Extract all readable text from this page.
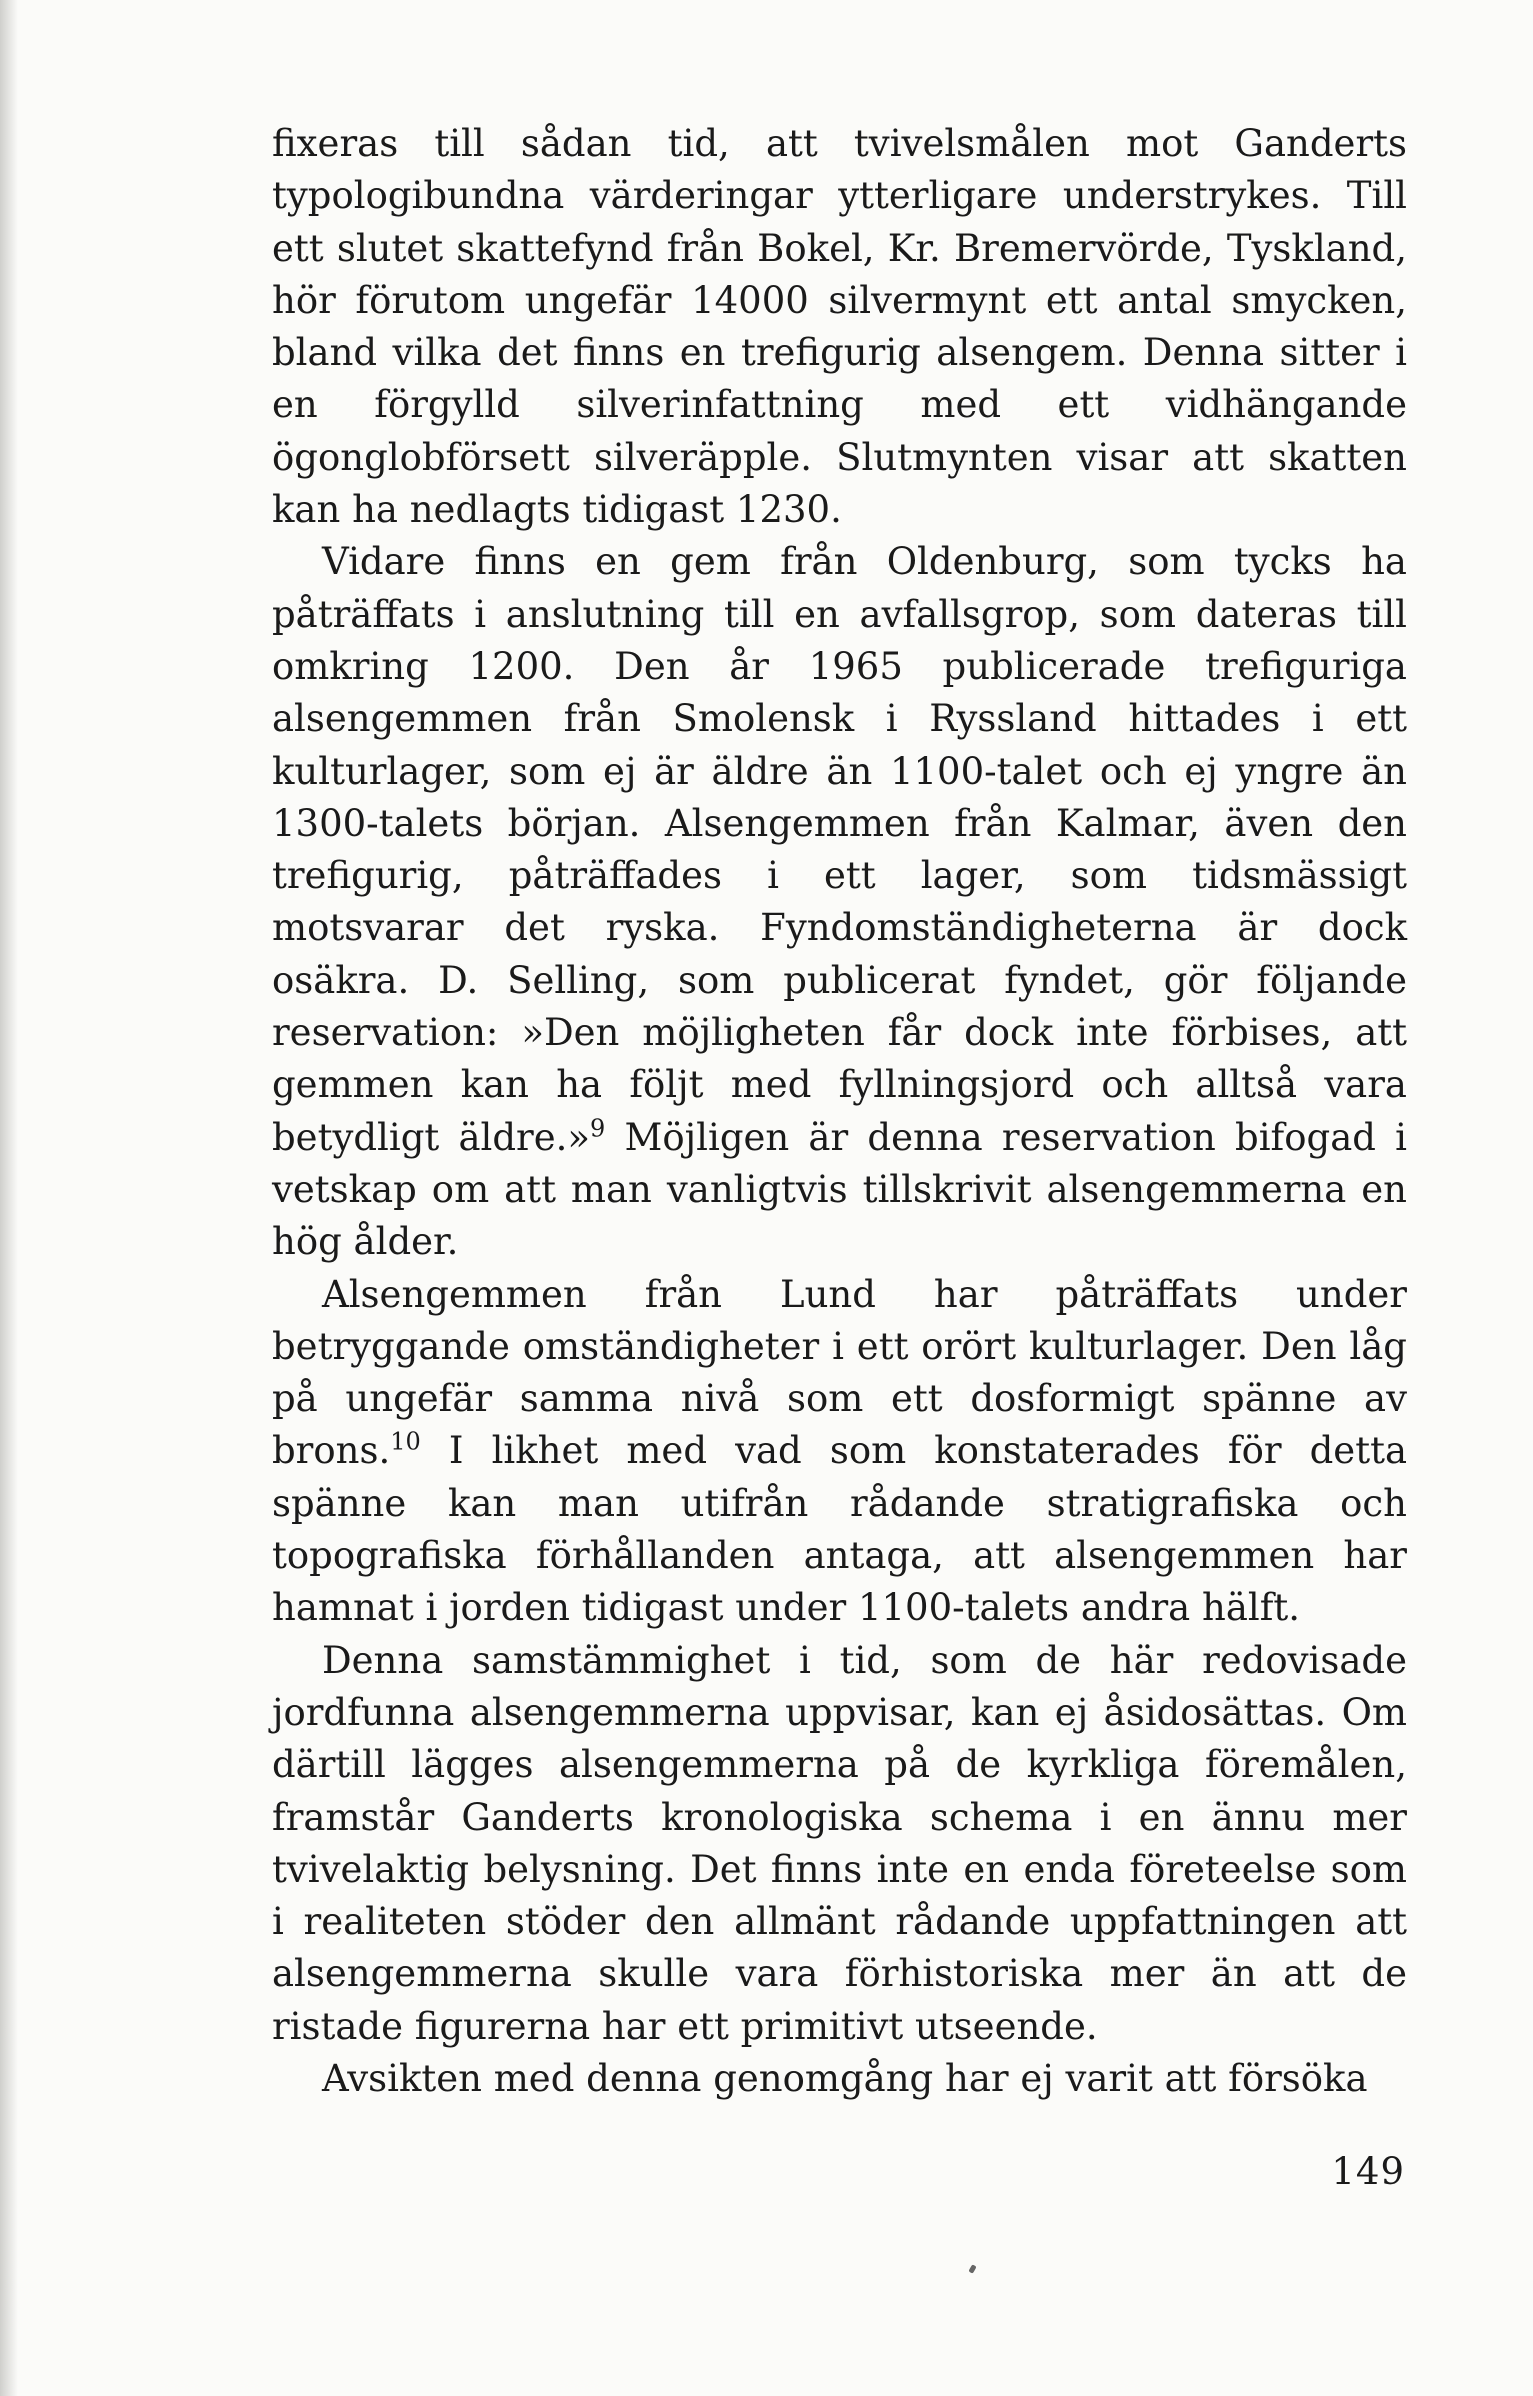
fixeras till sådan tid, att tvivelsmålen mot Ganderts typologibundna värderingar ytterligare understrykes. Till ett slutet skattefynd från Bokel, Kr. Bremervörde, Tyskland, hör förutom ungefär 14000 silvermynt ett antal smycken, bland vilka det finns en trefigurig alsengem. Denna sitter i en förgylld silverinfattning med ett vidhängande ögonglobförsett silveräpple. Slutmynten visar att skatten kan ha nedlagts tidigast 1230.

Vidare finns en gem från Oldenburg, som tycks ha påträffats i anslutning till en avfallsgrop, som dateras till omkring 1200. Den år 1965 publicerade trefiguriga alsengemmen från Smolensk i Ryssland hittades i ett kulturlager, som ej är äldre än 1100-talet och ej yngre än 1300-talets början. Alsengemmen från Kalmar, även den trefigurig, påträffades i ett lager, som tidsmässigt motsvarar det ryska. Fyndomständigheterna är dock osäkra. D. Selling, som publicerat fyndet, gör följande reservation: »Den möjligheten får dock inte förbises, att gemmen kan ha följt med fyllningsjord och alltså vara betydligt äldre.»$^9$ Möjligen är denna reservation bifogad i vetskap om att man vanligtvis tillskrivit alsengemmerna en hög ålder.

Alsengemmen från Lund har påträffats under betryggande omständigheter i ett orört kulturlager. Den låg på ungefär samma nivå som ett dosformigt spänne av brons.$^{10}$ I likhet med vad som konstaterades för detta spänne kan man utifrån rådande stratigrafiska och topografiska förhållanden antaga, att alsengemmen har hamnat i jorden tidigast under 1100-talets andra hälft.

Denna samstämmighet i tid, som de här redovisade jordfunna alsengemmerna uppvisar, kan ej åsidosättas. Om därtill lägges alsengemmerna på de kyrkliga föremålen, framstår Ganderts kronologiska schema i en ännu mer tvivelaktig belysning. Det finns inte en enda företeelse som i realiteten stöder den allmänt rådande uppfattningen att alsengemmerna skulle vara förhistoriska mer än att de ristade figurerna har ett primitivt utseende.

Avsikten med denna genomgång har ej varit att försöka

149
